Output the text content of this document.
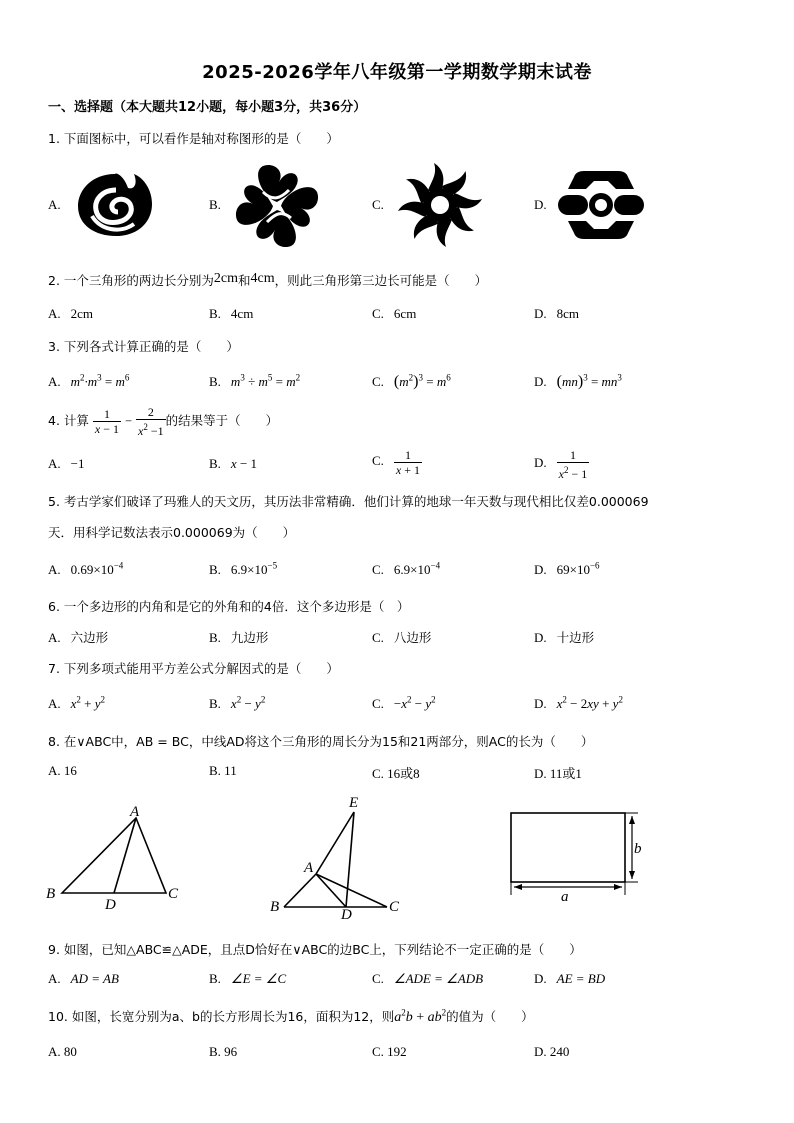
2025-2026学年八年级第一学期数学期末试卷
一、选择题（本大题共12小题，每小题3分，共36分）
1. 下面图标中，可以看作是轴对称图形的是（　　）
A.	B.	C.	D.
2. 一个三角形的两边长分别为2cm和4cm，则此三角形第三边长可能是（　　）
A. 2cm	B. 4cm	C. 6cm	D. 8cm
3. 下列各式计算正确的是（　　）
A. $m^2\cdot m^3 = m^6$	B. $m^3 \div m^5 = m^2$	C. $(m^2)^3 = m^6$	D. $(mn)^3 = mn^3$
4. 计算 $\frac{1}{x - 1} - \frac{2}{x^2 -1}$ 的结果等于（　　）
A. −1	B. x − 1	C. $\frac{1}{x + 1}$	D. $\frac{1}{x^2 - 1}$
5. 考古学家们破译了玛雅人的天文历，其历法非常精确．他们计算的地球一年天数与现代相比仅差0.000069
天．用科学记数法表示0.000069为（　　）
A. $0.69\times 10^{-4}$	B. $6.9\times 10^{-5}$	C. $6.9\times 10^{-4}$	D. $69\times 10^{-6}$
6. 一个多边形的内角和是它的外角和的4倍．这个多边形是（　）
A. 六边形	B. 九边形	C. 八边形	D. 十边形
7. 下列多项式能用平方差公式分解因式的是（　　）
A. $x^2 + y^2$	B. $x^2 - y^2$	C. $-x^2 - y^2$	D. $x^2 - 2xy + y^2$
8. 在∨ABC中，AB = BC，中线AD将这个三角形的周长分为15和21两部分，则AC的长为（　　）
A. 16	B. 11	C. 16或8	D. 11或1
A
B	C
D
E
A
B	C
D
a
b
9. 如图，已知△ABC≌△ADE，且点D恰好在∨ABC的边BC上，下列结论不一定正确的是（　　）
A. AD = AB	B. ∠E = ∠C	C. ∠ADE = ∠ADB	D. AE = BD
10. 如图，长宽分别为a、b的长方形周长为16，面积为12，则$a^2b + ab^2$的值为（　　）
A. 80	B. 96	C. 192	D. 240
